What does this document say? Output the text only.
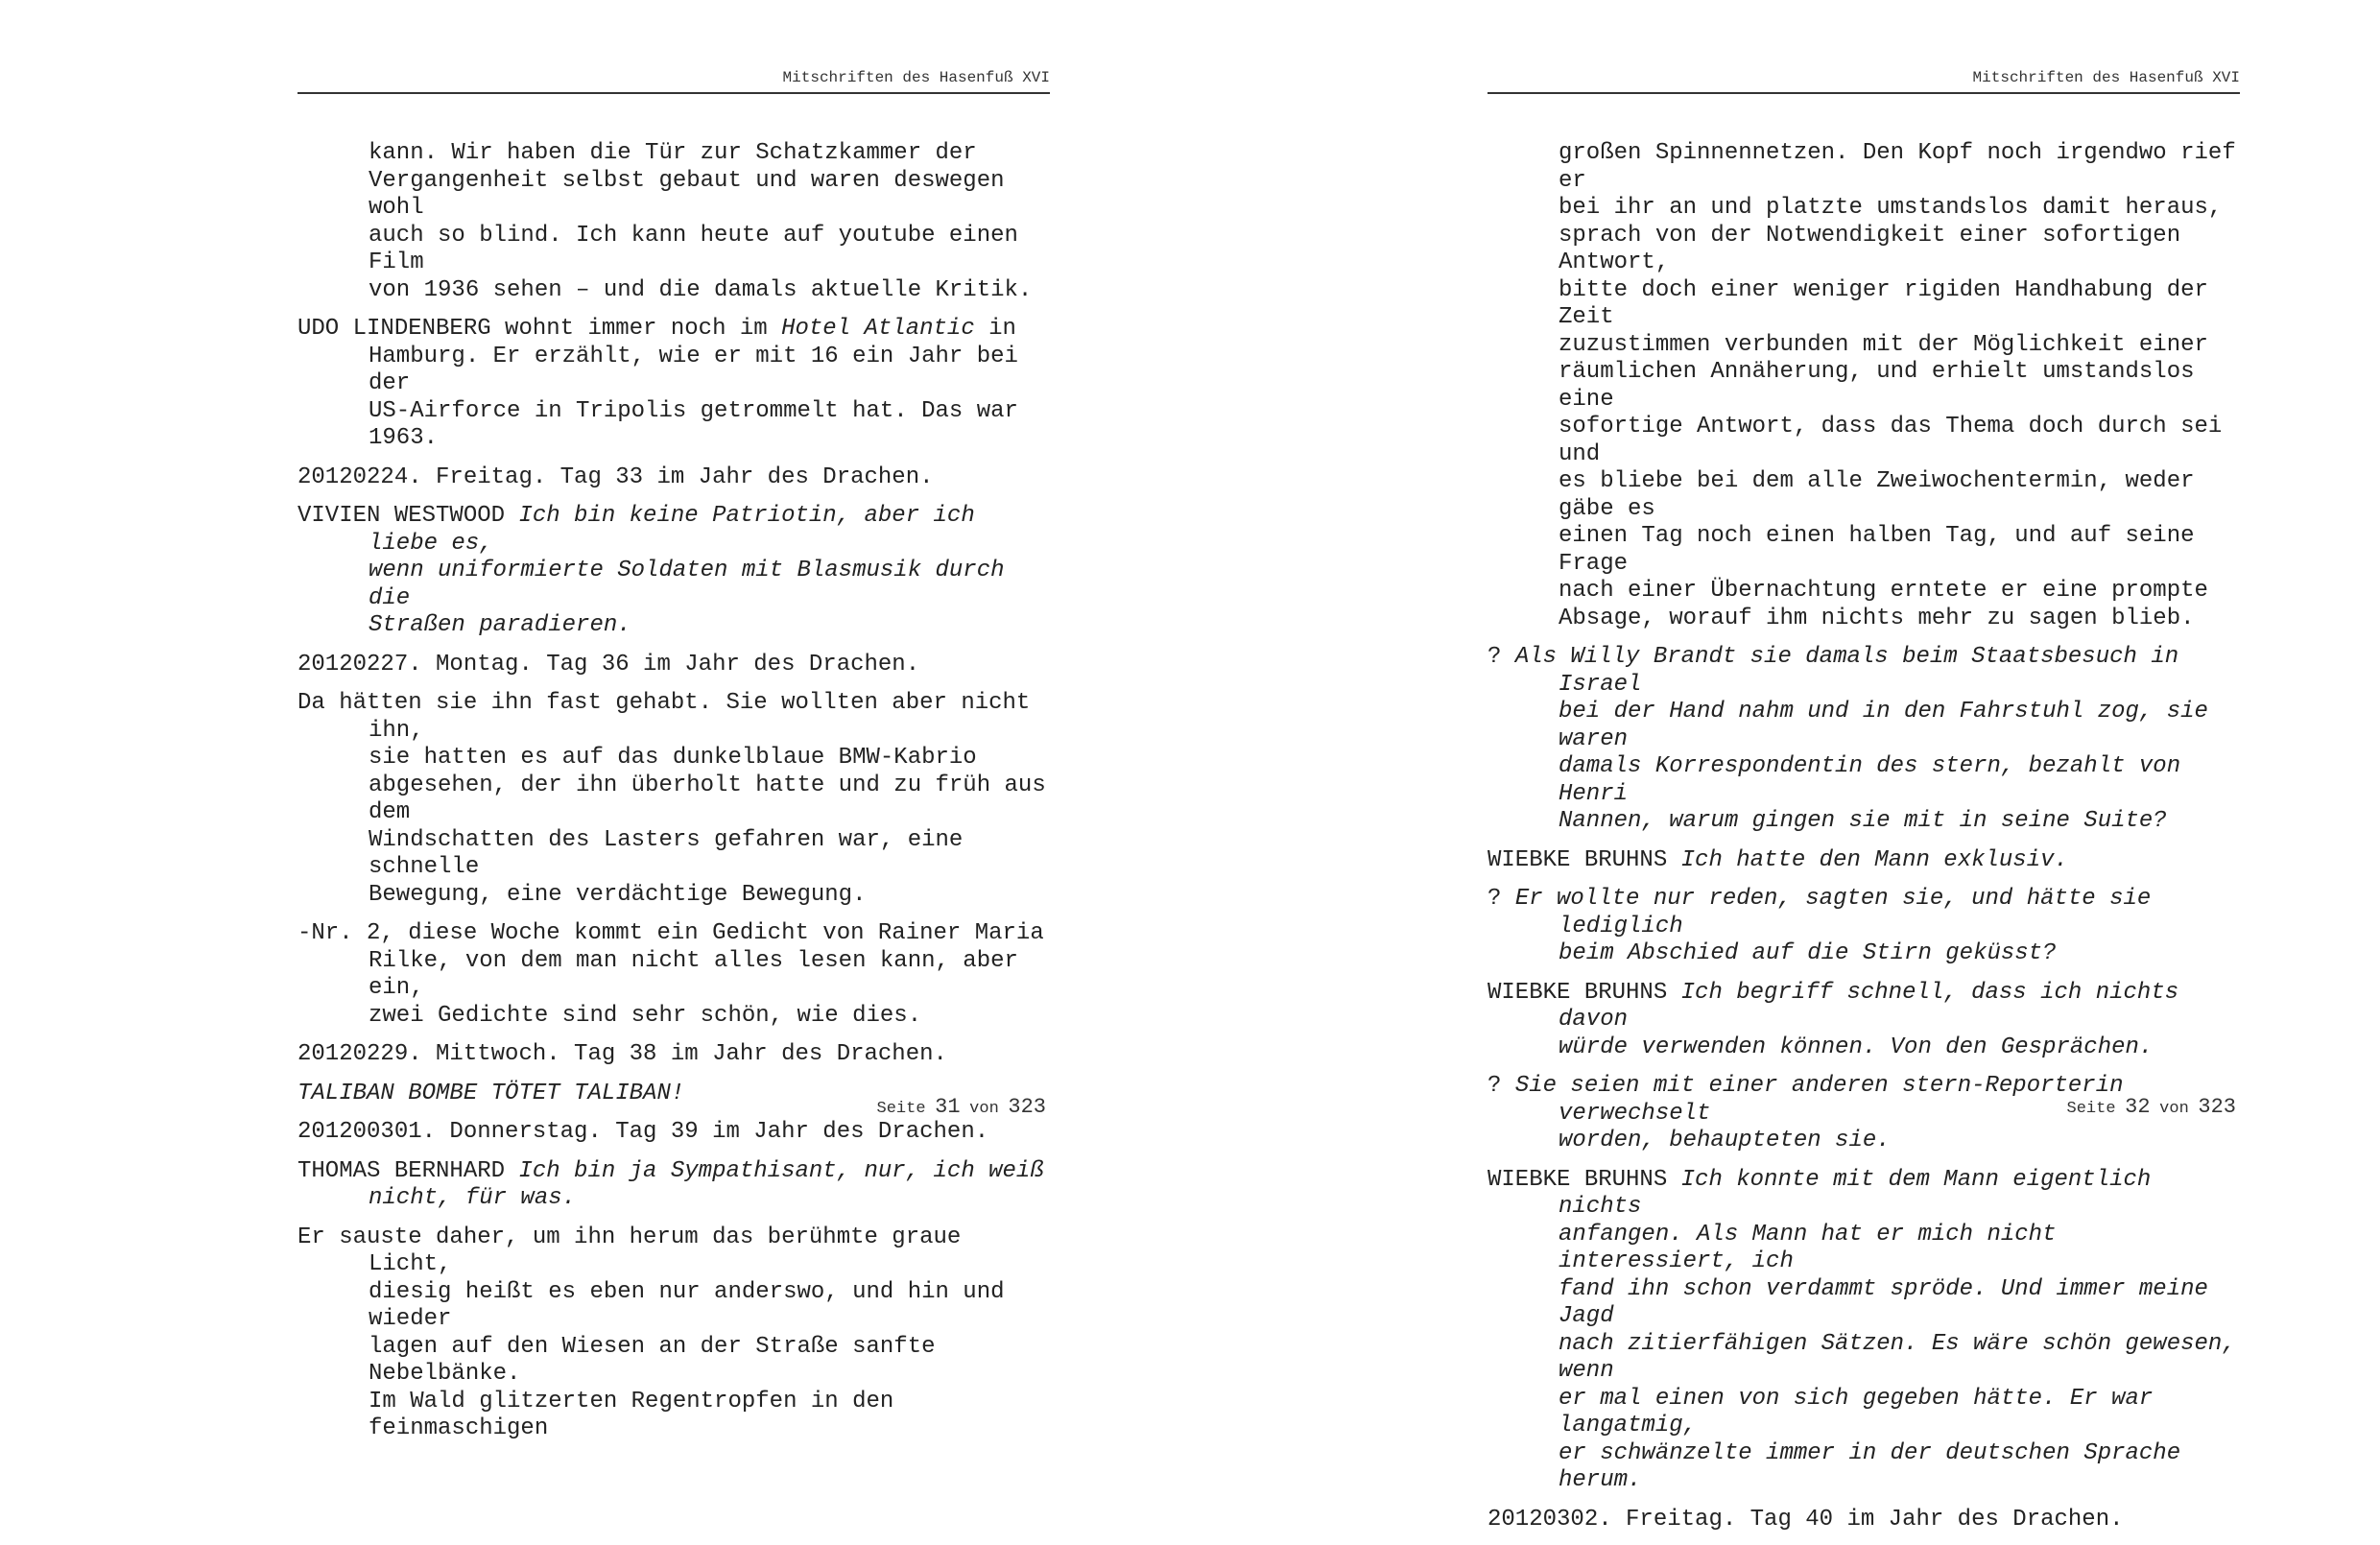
Mitschriften des Hasenfuß XVI

kann. Wir haben die Tür zur Schatzkammer der
Vergangenheit selbst gebaut und waren deswegen wohl
auch so blind. Ich kann heute auf youtube einen Film
von 1936 sehen – und die damals aktuelle Kritik.

UDO LINDENBERG wohnt immer noch im Hotel Atlantic in
Hamburg. Er erzählt, wie er mit 16 ein Jahr bei der
US-Airforce in Tripolis getrommelt hat. Das war 1963.

20120224. Freitag. Tag 33 im Jahr des Drachen.

VIVIEN WESTWOOD Ich bin keine Patriotin, aber ich liebe es,
wenn uniformierte Soldaten mit Blasmusik durch die
Straßen paradieren.

20120227. Montag. Tag 36 im Jahr des Drachen.

Da hätten sie ihn fast gehabt. Sie wollten aber nicht ihn,
sie hatten es auf das dunkelblaue BMW-Kabrio
abgesehen, der ihn überholt hatte und zu früh aus dem
Windschatten des Lasters gefahren war, eine schnelle
Bewegung, eine verdächtige Bewegung.

-Nr. 2, diese Woche kommt ein Gedicht von Rainer Maria
Rilke, von dem man nicht alles lesen kann, aber ein,
zwei Gedichte sind sehr schön, wie dies.

20120229. Mittwoch. Tag 38 im Jahr des Drachen.

TALIBAN BOMBE TÖTET TALIBAN!

201200301. Donnerstag. Tag 39 im Jahr des Drachen.

THOMAS BERNHARD Ich bin ja Sympathisant, nur, ich weiß
nicht, für was.

Er sauste daher, um ihn herum das berühmte graue Licht,
diesig heißt es eben nur anderswo, und hin und wieder
lagen auf den Wiesen an der Straße sanfte Nebelbänke.
Im Wald glitzerten Regentropfen in den feinmaschigen

Seite 31 von 323
Mitschriften des Hasenfuß XVI

großen Spinnennetzen. Den Kopf noch irgendwo rief er
bei ihr an und platzte umstandslos damit heraus,
sprach von der Notwendigkeit einer sofortigen Antwort,
bitte doch einer weniger rigiden Handhabung der Zeit
zuzustimmen verbunden mit der Möglichkeit einer
räumlichen Annäherung, und erhielt umstandslos eine
sofortige Antwort, dass das Thema doch durch sei und
es bliebe bei dem alle Zweiwochentermin, weder gäbe es
einen Tag noch einen halben Tag, und auf seine Frage
nach einer Übernachtung erntete er eine prompte
Absage, worauf ihm nichts mehr zu sagen blieb.

? Als Willy Brandt sie damals beim Staatsbesuch in Israel
bei der Hand nahm und in den Fahrstuhl zog, sie waren
damals Korrespondentin des stern, bezahlt von Henri
Nannen, warum gingen sie mit in seine Suite?

WIEBKE BRUHNS Ich hatte den Mann exklusiv.

? Er wollte nur reden, sagten sie, und hätte sie lediglich
beim Abschied auf die Stirn geküsst?

WIEBKE BRUHNS Ich begriff schnell, dass ich nichts davon
würde verwenden können. Von den Gesprächen.

? Sie seien mit einer anderen stern-Reporterin verwechselt
worden, behaupteten sie.

WIEBKE BRUHNS Ich konnte mit dem Mann eigentlich nichts
anfangen. Als Mann hat er mich nicht interessiert, ich
fand ihn schon verdammt spröde. Und immer meine Jagd
nach zitierfähigen Sätzen. Es wäre schön gewesen, wenn
er mal einen von sich gegeben hätte. Er war langatmig,
er schwänzelte immer in der deutschen Sprache herum.

20120302. Freitag. Tag 40 im Jahr des Drachen.

Seite 32 von 323
